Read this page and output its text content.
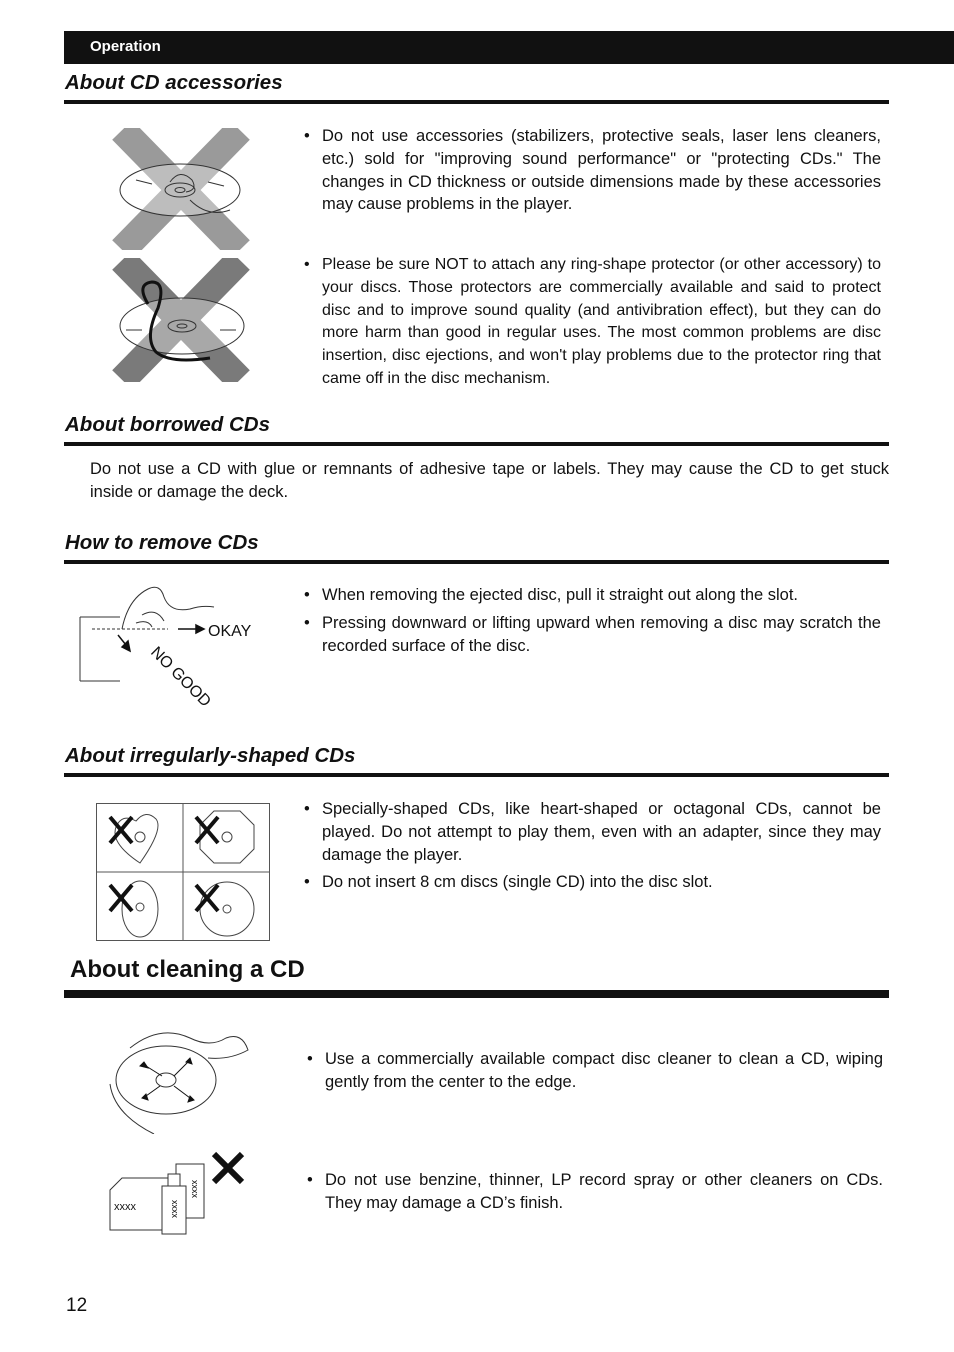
Operation
About CD accessories
• Do not use accessories (stabilizers, protective seals, laser lens cleaners, etc.) sold for "improving sound performance" or "protecting CDs." The changes in CD thickness or outside dimensions made by these accessories may cause problems in the player.
• Please be sure NOT to attach any ring-shape protector (or other accessory) to your discs. Those protectors are commercially available and said to protect disc and to improve sound quality (and antivibration effect), but they can do more harm than good in regular uses. The most common problems are disc insertion, disc ejections, and won't play problems due to the protector ring that came off in the disc mechanism.
About borrowed CDs
Do not use a CD with glue or remnants of adhesive tape or labels. They may cause the CD to get stuck inside or damage the deck.
How to remove CDs
OKAY
NO GOOD
• When removing the ejected disc, pull it straight out along the slot.
• Pressing downward or lifting upward when removing a disc may scratch the recorded surface of the disc.
About irregularly-shaped CDs
• Specially-shaped CDs, like heart-shaped or octagonal CDs, cannot be played. Do not attempt to play them, even with an adapter, since they may damage the player.
• Do not insert 8 cm discs (single CD) into the disc slot.
About cleaning a CD
xxxx
xxxx
xxxx
• Use a commercially available compact disc cleaner to clean a CD, wiping gently from the center to the edge.
• Do not use benzine, thinner, LP record spray or other cleaners on CDs. They may damage a CD’s finish.
12
